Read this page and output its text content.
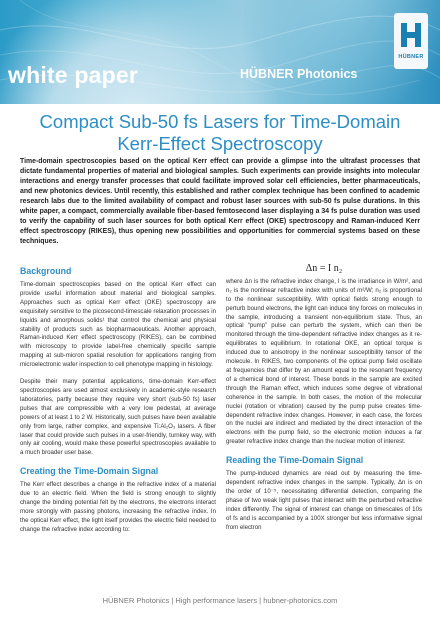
white paper	HÜBNER Photonics
HÜBNER
Compact Sub-50 fs Lasers for Time-Domain Kerr-Effect Spectroscopy
Time-domain spectroscopies based on the optical Kerr effect can provide a glimpse into the ultrafast processes that dictate fundamental properties of material and biological samples. Such experiments can provide insights into molecular interactions and energy transfer processes that could facilitate improved solar cell efficiencies, better pharmaceuticals, and new photonics devices. Until recently, this established and rather complex technique has been confined to academic research labs due to the limited availability of compact and robust laser sources with sub-50 fs pulse durations. In this white paper, a compact, commercially available fiber-based femtosecond laser displaying a 34 fs pulse duration was used to verify the capability of such laser sources for both optical Kerr effect (OKE) spectroscopy and Raman-induced Kerr effect spectroscopy (RIKES), thus opening new possibilities and opportunities for commercial systems based on these techniques.
Background

Time-domain spectroscopies based on the optical Kerr effect can provide useful information about material and biological samples. Approaches such as optical Kerr effect (OKE) spectroscopy are exquisitely sensitive to the picosecond-timescale relaxation processes in liquids and amorphous solids¹ that control the chemical and physical stability of products such as biopharmaceuticals. Another approach, Raman-induced Kerr effect spectroscopy (RIKES), can be combined with microscopy to provide label-free chemically specific sample mapping at sub-micron spatial resolution for applications ranging from microelectronic wafer inspection to cell phenotype mapping in histology.

Despite their many potential applications, time-domain Kerr-effect spectroscopies are used almost exclusively in academic-style research laboratories, partly because they require very short (sub-50 fs) laser pulses that are compressible with a very low pedestal, at average powers of at least 1 to 2 W. Historically, such pulses have been available only from large, rather complex, and expensive Ti:Al₂O₃ lasers. A fiber laser that could provide such pulses in a user-friendly, turnkey way, with only air cooling, would make these powerful spectroscopies available to a much broader user base.

Creating the Time-Domain Signal

The Kerr effect describes a change in the refractive index of a material due to an electric field. When the field is strong enough to slightly change the binding potential felt by the electrons, the electrons interact more strongly with passing photons, increasing the refractive index. In the optical Kerr effect, the light itself provides the electric field needed to change the refractive index according to:

Δn = I n₂

where Δn is the refractive index change, I is the irradiance in W/m², and n₂ is the nonlinear refractive index with units of m²/W; n₂ is proportional to the nonlinear susceptibility. With optical fields strong enough to perturb bound electrons, the light can induce tiny forces on molecules in the sample, introducing a transient non-equilibrium state. Thus, an optical “pump” pulse can perturb the system, which can then be monitored through the time-dependent refractive index changes as it re-equilibrates to equilibrium. In rotational OKE, an optical torque is induced due to anisotropy in the nonlinear susceptibility tensor of the molecule. In RIKES, two components of the optical pump field oscillate at frequencies that differ by an amount equal to the resonant frequency of a chemical bond of interest. These bonds in the sample are excited through the Raman effect, which induces some degree of vibrational coherence in the sample. In both cases, the motion of the molecular nuclei (rotation or vibration) caused by the pump pulse creates time-dependent refractive index changes. However, in each case, the forces on the nuclei are indirect and mediated by the direct interaction of the electrons with the pump field, so the electronic motion induces a far greater refractive index change than the nuclear motion of interest.

Reading the Time-Domain Signal

The pump-induced dynamics are read out by measuring the time-dependent refractive index changes in the sample. Typically, Δn is on the order of 10⁻⁵, necessitating differential detection, comparing the phase of two weak light pulses that interact with the perturbed refractive index differently. The signal of interest can change on timescales of 10s of fs and is accompanied by a 100X stronger but less informative signal from electron

HÜBNER Photonics | High performance lasers | hubner-photonics.com
